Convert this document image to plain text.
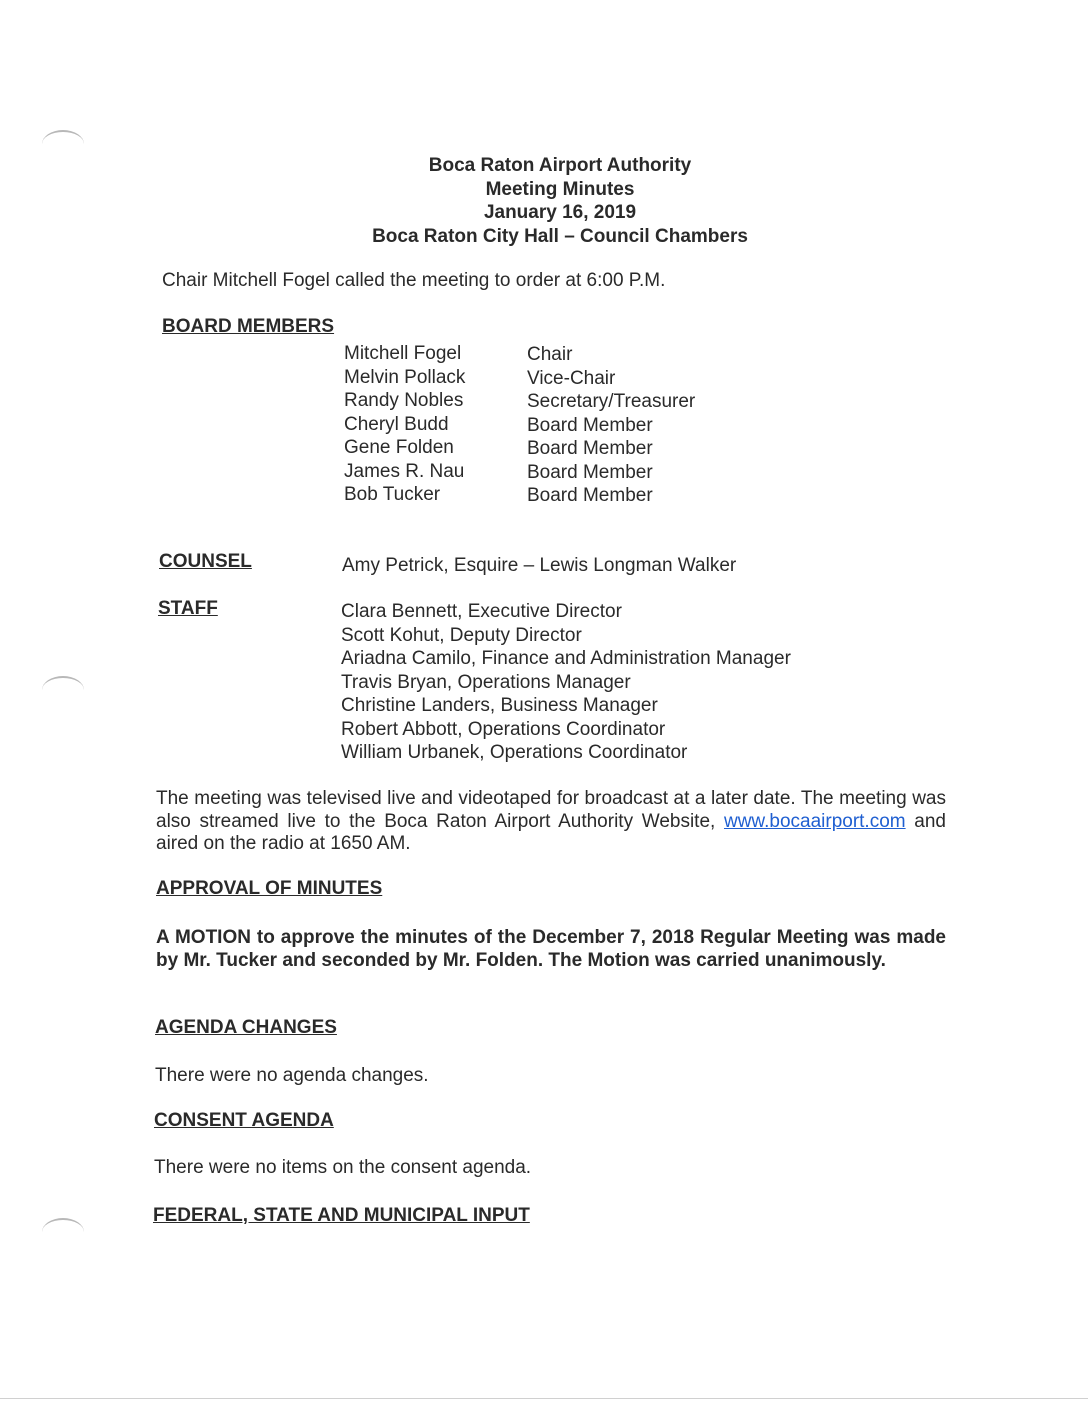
Boca Raton Airport Authority
Meeting Minutes
January 16, 2019
Boca Raton City Hall – Council Chambers
Chair Mitchell Fogel called the meeting to order at 6:00 P.M.
BOARD MEMBERS
Mitchell Fogel
Melvin Pollack
Randy Nobles
Cheryl Budd
Gene Folden
James R. Nau
Bob Tucker
Chair
Vice-Chair
Secretary/Treasurer
Board Member
Board Member
Board Member
Board Member
COUNSEL	Amy Petrick, Esquire – Lewis Longman Walker
STAFF	Clara Bennett, Executive Director
Scott Kohut, Deputy Director
Ariadna Camilo, Finance and Administration Manager
Travis Bryan, Operations Manager
Christine Landers, Business Manager
Robert Abbott, Operations Coordinator
William Urbanek, Operations Coordinator
The meeting was televised live and videotaped for broadcast at a later date. The meeting was also streamed live to the Boca Raton Airport Authority Website, www.bocaairport.com and aired on the radio at 1650 AM.
APPROVAL OF MINUTES
A MOTION to approve the minutes of the December 7, 2018 Regular Meeting was made by Mr. Tucker and seconded by Mr. Folden. The Motion was carried unanimously.
AGENDA CHANGES
There were no agenda changes.
CONSENT AGENDA
There were no items on the consent agenda.
FEDERAL, STATE AND MUNICIPAL INPUT
